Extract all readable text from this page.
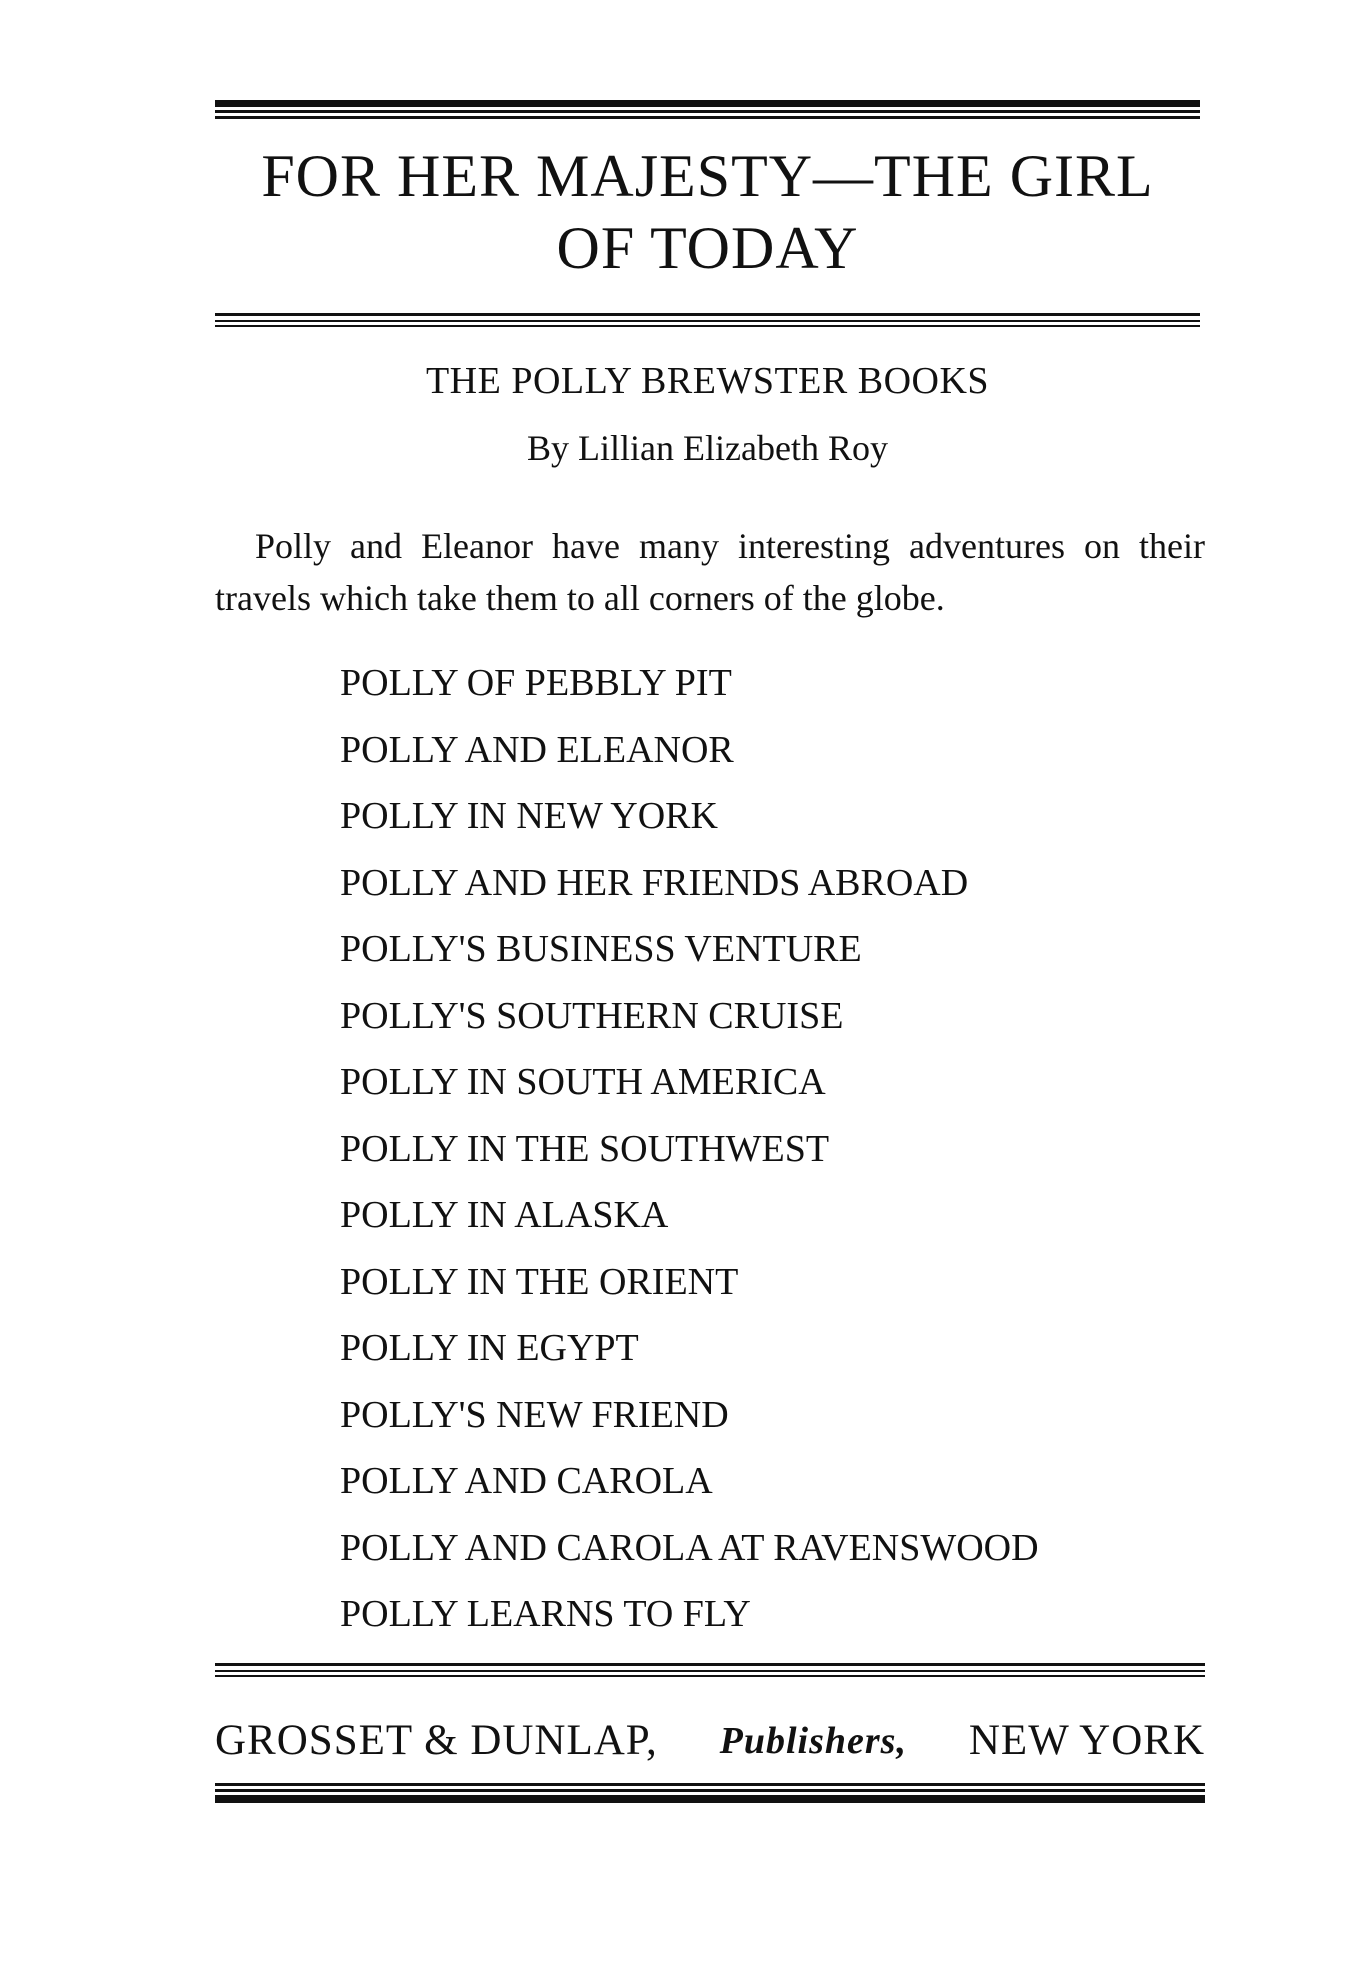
FOR HER MAJESTY—THE GIRL
OF TODAY
THE POLLY BREWSTER BOOKS
By Lillian Elizabeth Roy
Polly and Eleanor have many interesting adventures on their travels which take them to all corners of the globe.
POLLY OF PEBBLY PIT
POLLY AND ELEANOR
POLLY IN NEW YORK
POLLY AND HER FRIENDS ABROAD
POLLY'S BUSINESS VENTURE
POLLY'S SOUTHERN CRUISE
POLLY IN SOUTH AMERICA
POLLY IN THE SOUTHWEST
POLLY IN ALASKA
POLLY IN THE ORIENT
POLLY IN EGYPT
POLLY'S NEW FRIEND
POLLY AND CAROLA
POLLY AND CAROLA AT RAVENSWOOD
POLLY LEARNS TO FLY
GROSSET & DUNLAP, Publishers, NEW YORK
